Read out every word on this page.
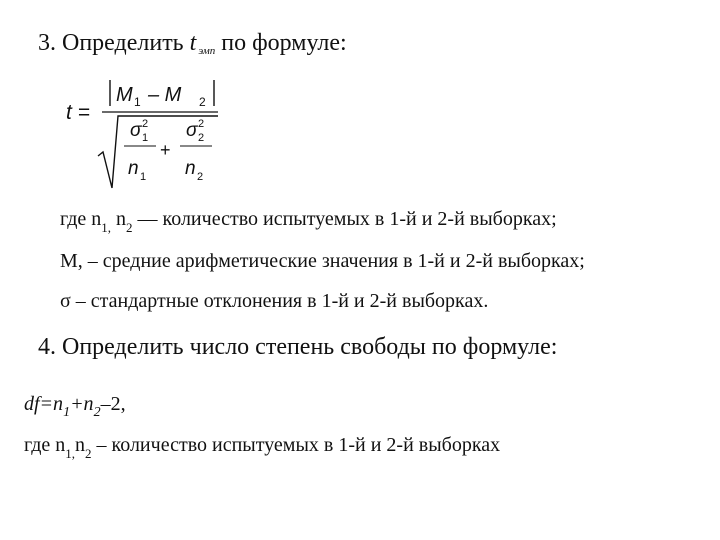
3. Определить t эмп по формуле:
t =
M 1 – M 2
σ 2
1
n 1
+
σ 2
2
n 2
где $n_{1,}$ $n_2$ — количество испытуемых в 1-й и 2-й выборках;
M, – средние арифметические значения в 1-й и 2-й выборках;
σ – стандартные отклонения в 1-й и 2-й выборках.
4. Определить число степень свободы по формуле:
$df=n_1+n_2-2$,
где $n_{1,}n_2$ – количество испытуемых в 1-й и 2-й выборках
